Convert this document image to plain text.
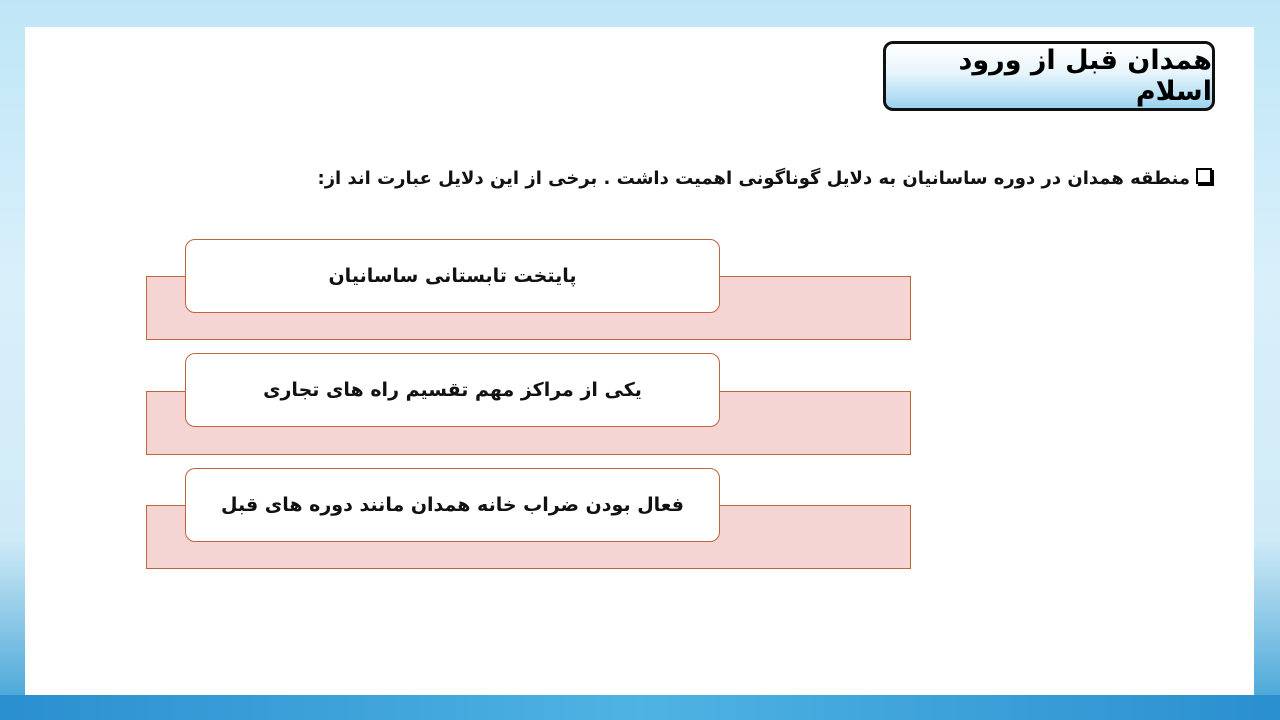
همدان قبل از ورود اسلام
منطقه همدان در دوره ساسانیان به دلایل گوناگونی اهمیت داشت . برخی از این دلایل عبارت اند از:
پایتخت تابستانی ساسانیان
یکی از مراکز مهم تقسیم راه های تجاری
فعال بودن ضراب خانه همدان مانند دوره های قبل
